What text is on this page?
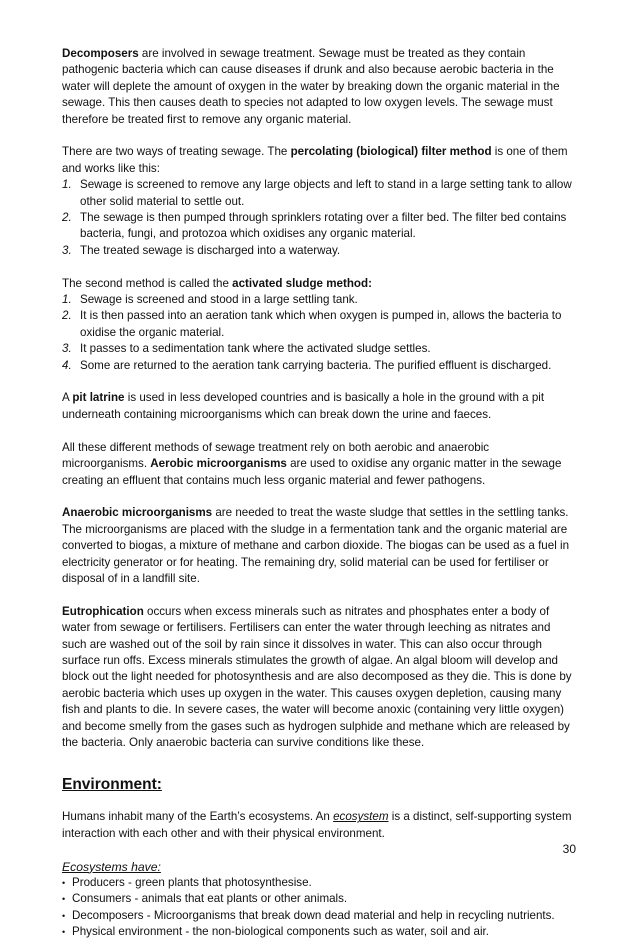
Decomposers are involved in sewage treatment. Sewage must be treated as they contain pathogenic bacteria which can cause diseases if drunk and also because aerobic bacteria in the water will deplete the amount of oxygen in the water by breaking down the organic material in the sewage. This then causes death to species not adapted to low oxygen levels. The sewage must therefore be treated first to remove any organic material.

There are two ways of treating sewage. The percolating (biological) filter method is one of them and works like this:

1. Sewage is screened to remove any large objects and left to stand in a large setting tank to allow other solid material to settle out.
2. The sewage is then pumped through sprinklers rotating over a filter bed. The filter bed contains bacteria, fungi, and protozoa which oxidises any organic material.
3. The treated sewage is discharged into a waterway.

The second method is called the activated sludge method:

1. Sewage is screened and stood in a large settling tank.
2. It is then passed into an aeration tank which when oxygen is pumped in, allows the bacteria to oxidise the organic material.
3. It passes to a sedimentation tank where the activated sludge settles.
4. Some are returned to the aeration tank carrying bacteria. The purified effluent is discharged.

A pit latrine is used in less developed countries and is basically a hole in the ground with a pit underneath containing microorganisms which can break down the urine and faeces.

All these different methods of sewage treatment rely on both aerobic and anaerobic microorganisms. Aerobic microorganisms are used to oxidise any organic matter in the sewage creating an effluent that contains much less organic material and fewer pathogens.

Anaerobic microorganisms are needed to treat the waste sludge that settles in the settling tanks. The microorganisms are placed with the sludge in a fermentation tank and the organic material are converted to biogas, a mixture of methane and carbon dioxide. The biogas can be used as a fuel in electricity generator or for heating. The remaining dry, solid material can be used for fertiliser or disposal of in a landfill site.

Eutrophication occurs when excess minerals such as nitrates and phosphates enter a body of water from sewage or fertilisers. Fertilisers can enter the water through leeching as nitrates and such are washed out of the soil by rain since it dissolves in water. This can also occur through surface run offs. Excess minerals stimulates the growth of algae. An algal bloom will develop and block out the light needed for photosynthesis and are also decomposed as they die. This is done by aerobic bacteria which uses up oxygen in the water. This causes oxygen depletion, causing many fish and plants to die. In severe cases, the water will become anoxic (containing very little oxygen) and become smelly from the gases such as hydrogen sulphide and methane which are released by the bacteria. Only anaerobic bacteria can survive conditions like these.

Environment:

Humans inhabit many of the Earth’s ecosystems. An ecosystem is a distinct, self-supporting system interaction with each other and with their physical environment.

Ecosystems have:
• Producers - green plants that photosynthesise.
• Consumers - animals that eat plants or other animals.
• Decomposers - Microorganisms that break down dead material and help in recycling nutrients.
• Physical environment - the non-biological components such as water, soil and air.
30
